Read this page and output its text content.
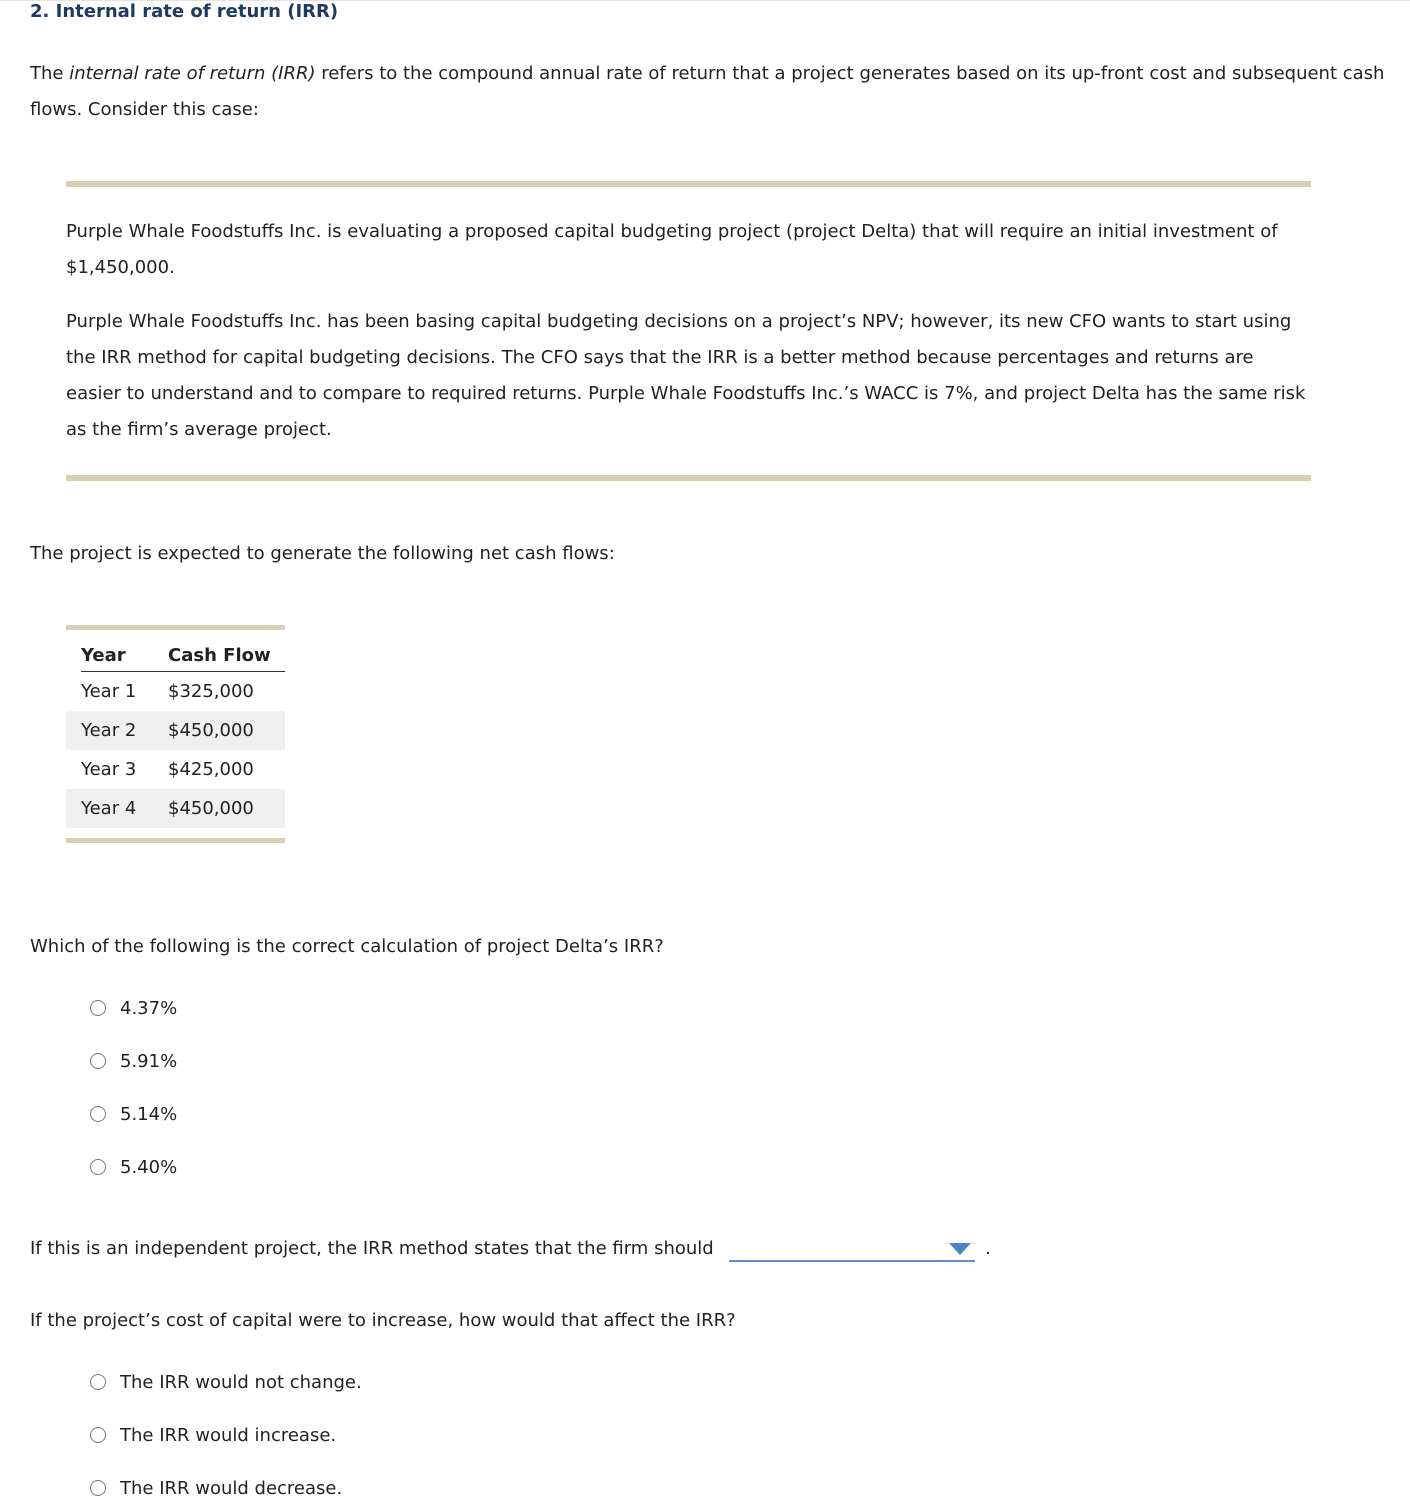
2. Internal rate of return (IRR)
The internal rate of return (IRR) refers to the compound annual rate of return that a project generates based on its up-front cost and subsequent cash flows. Consider this case:
Purple Whale Foodstuffs Inc. is evaluating a proposed capital budgeting project (project Delta) that will require an initial investment of $1,450,000.
Purple Whale Foodstuffs Inc. has been basing capital budgeting decisions on a project’s NPV; however, its new CFO wants to start using the IRR method for capital budgeting decisions. The CFO says that the IRR is a better method because percentages and returns are easier to understand and to compare to required returns. Purple Whale Foodstuffs Inc.’s WACC is 7%, and project Delta has the same risk as the firm’s average project.
The project is expected to generate the following net cash flows:
Year	Cash Flow
Year 1	$325,000
Year 2	$450,000
Year 3	$425,000
Year 4	$450,000
Which of the following is the correct calculation of project Delta’s IRR?
4.37%
5.91%
5.14%
5.40%
If this is an independent project, the IRR method states that the firm should	.
If the project’s cost of capital were to increase, how would that affect the IRR?
The IRR would not change.
The IRR would increase.
The IRR would decrease.
